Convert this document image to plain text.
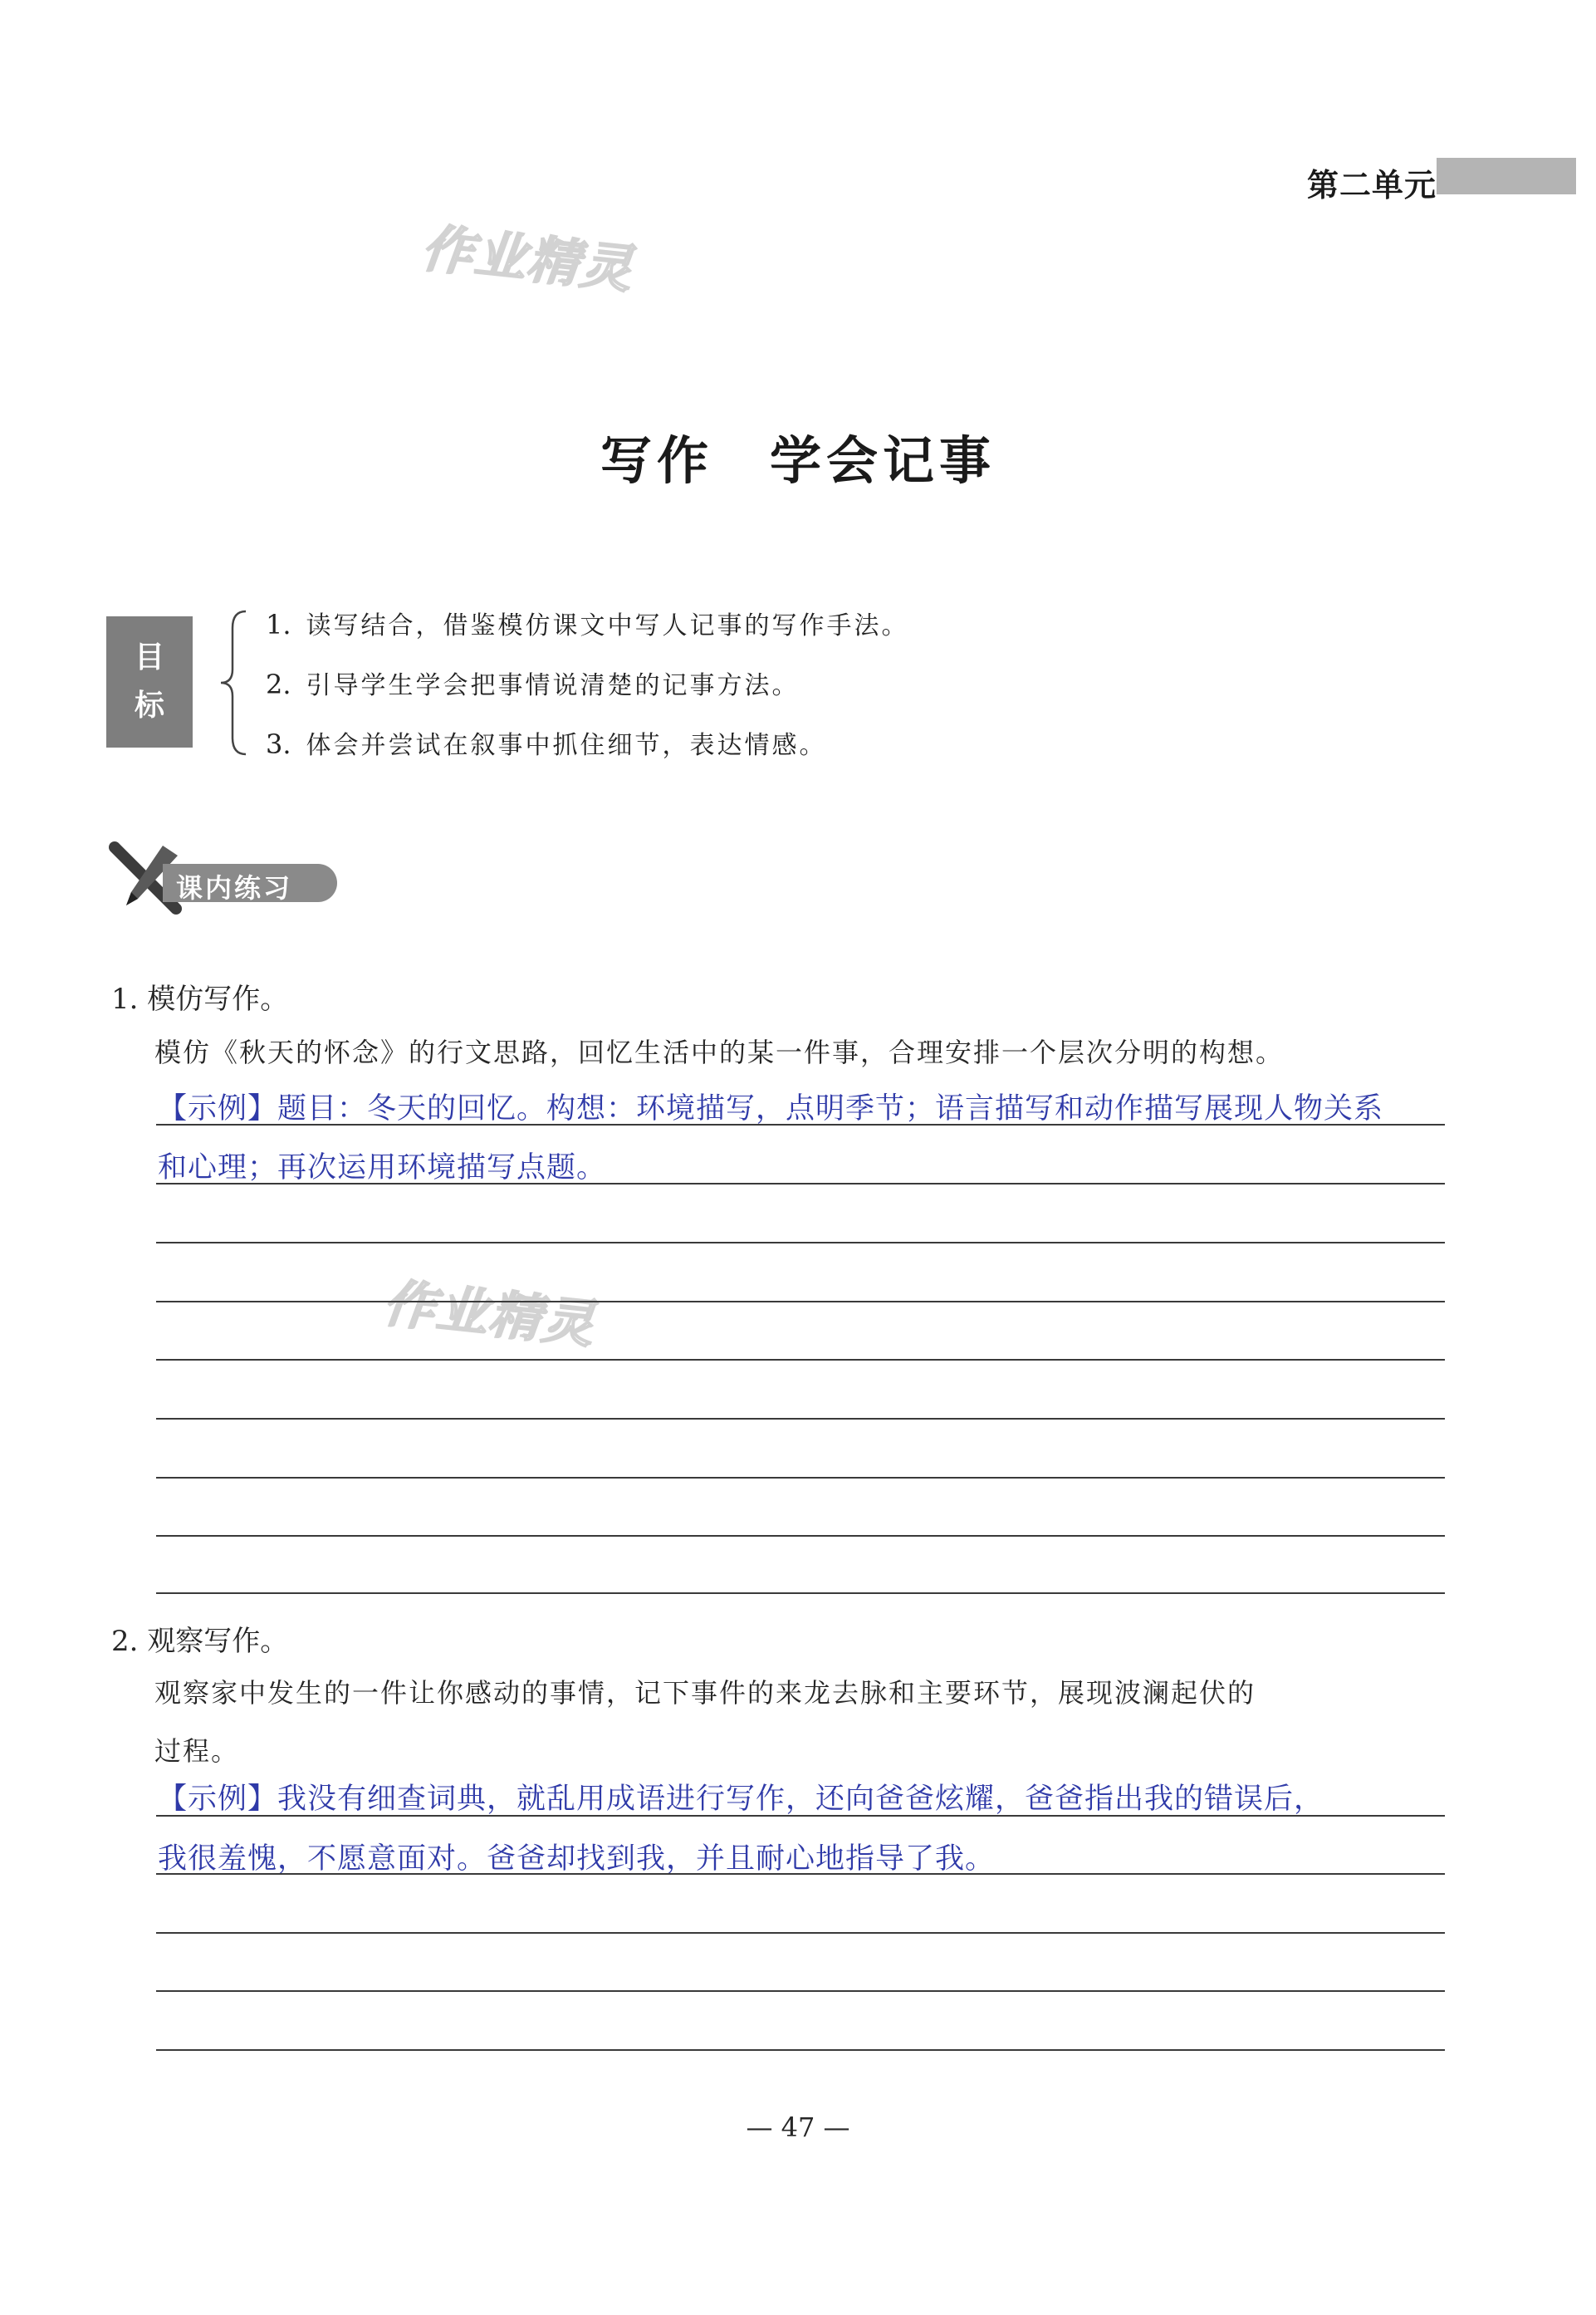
第二单元
作业精灵
作业精灵
写作　学会记事
目
标
1. 读写结合，借鉴模仿课文中写人记事的写作手法。
2. 引导学生学会把事情说清楚的记事方法。
3. 体会并尝试在叙事中抓住细节，表达情感。
课内练习
1. 模仿写作。
模仿《秋天的怀念》的行文思路，回忆生活中的某一件事，合理安排一个层次分明的构想。
【示例】题目：冬天的回忆。构想：环境描写，点明季节；语言描写和动作描写展现人物关系
和心理；再次运用环境描写点题。
2. 观察写作。
观察家中发生的一件让你感动的事情，记下事件的来龙去脉和主要环节，展现波澜起伏的
过程。
【示例】我没有细查词典，就乱用成语进行写作，还向爸爸炫耀，爸爸指出我的错误后，
我很羞愧，不愿意面对。爸爸却找到我，并且耐心地指导了我。
— 47 —
